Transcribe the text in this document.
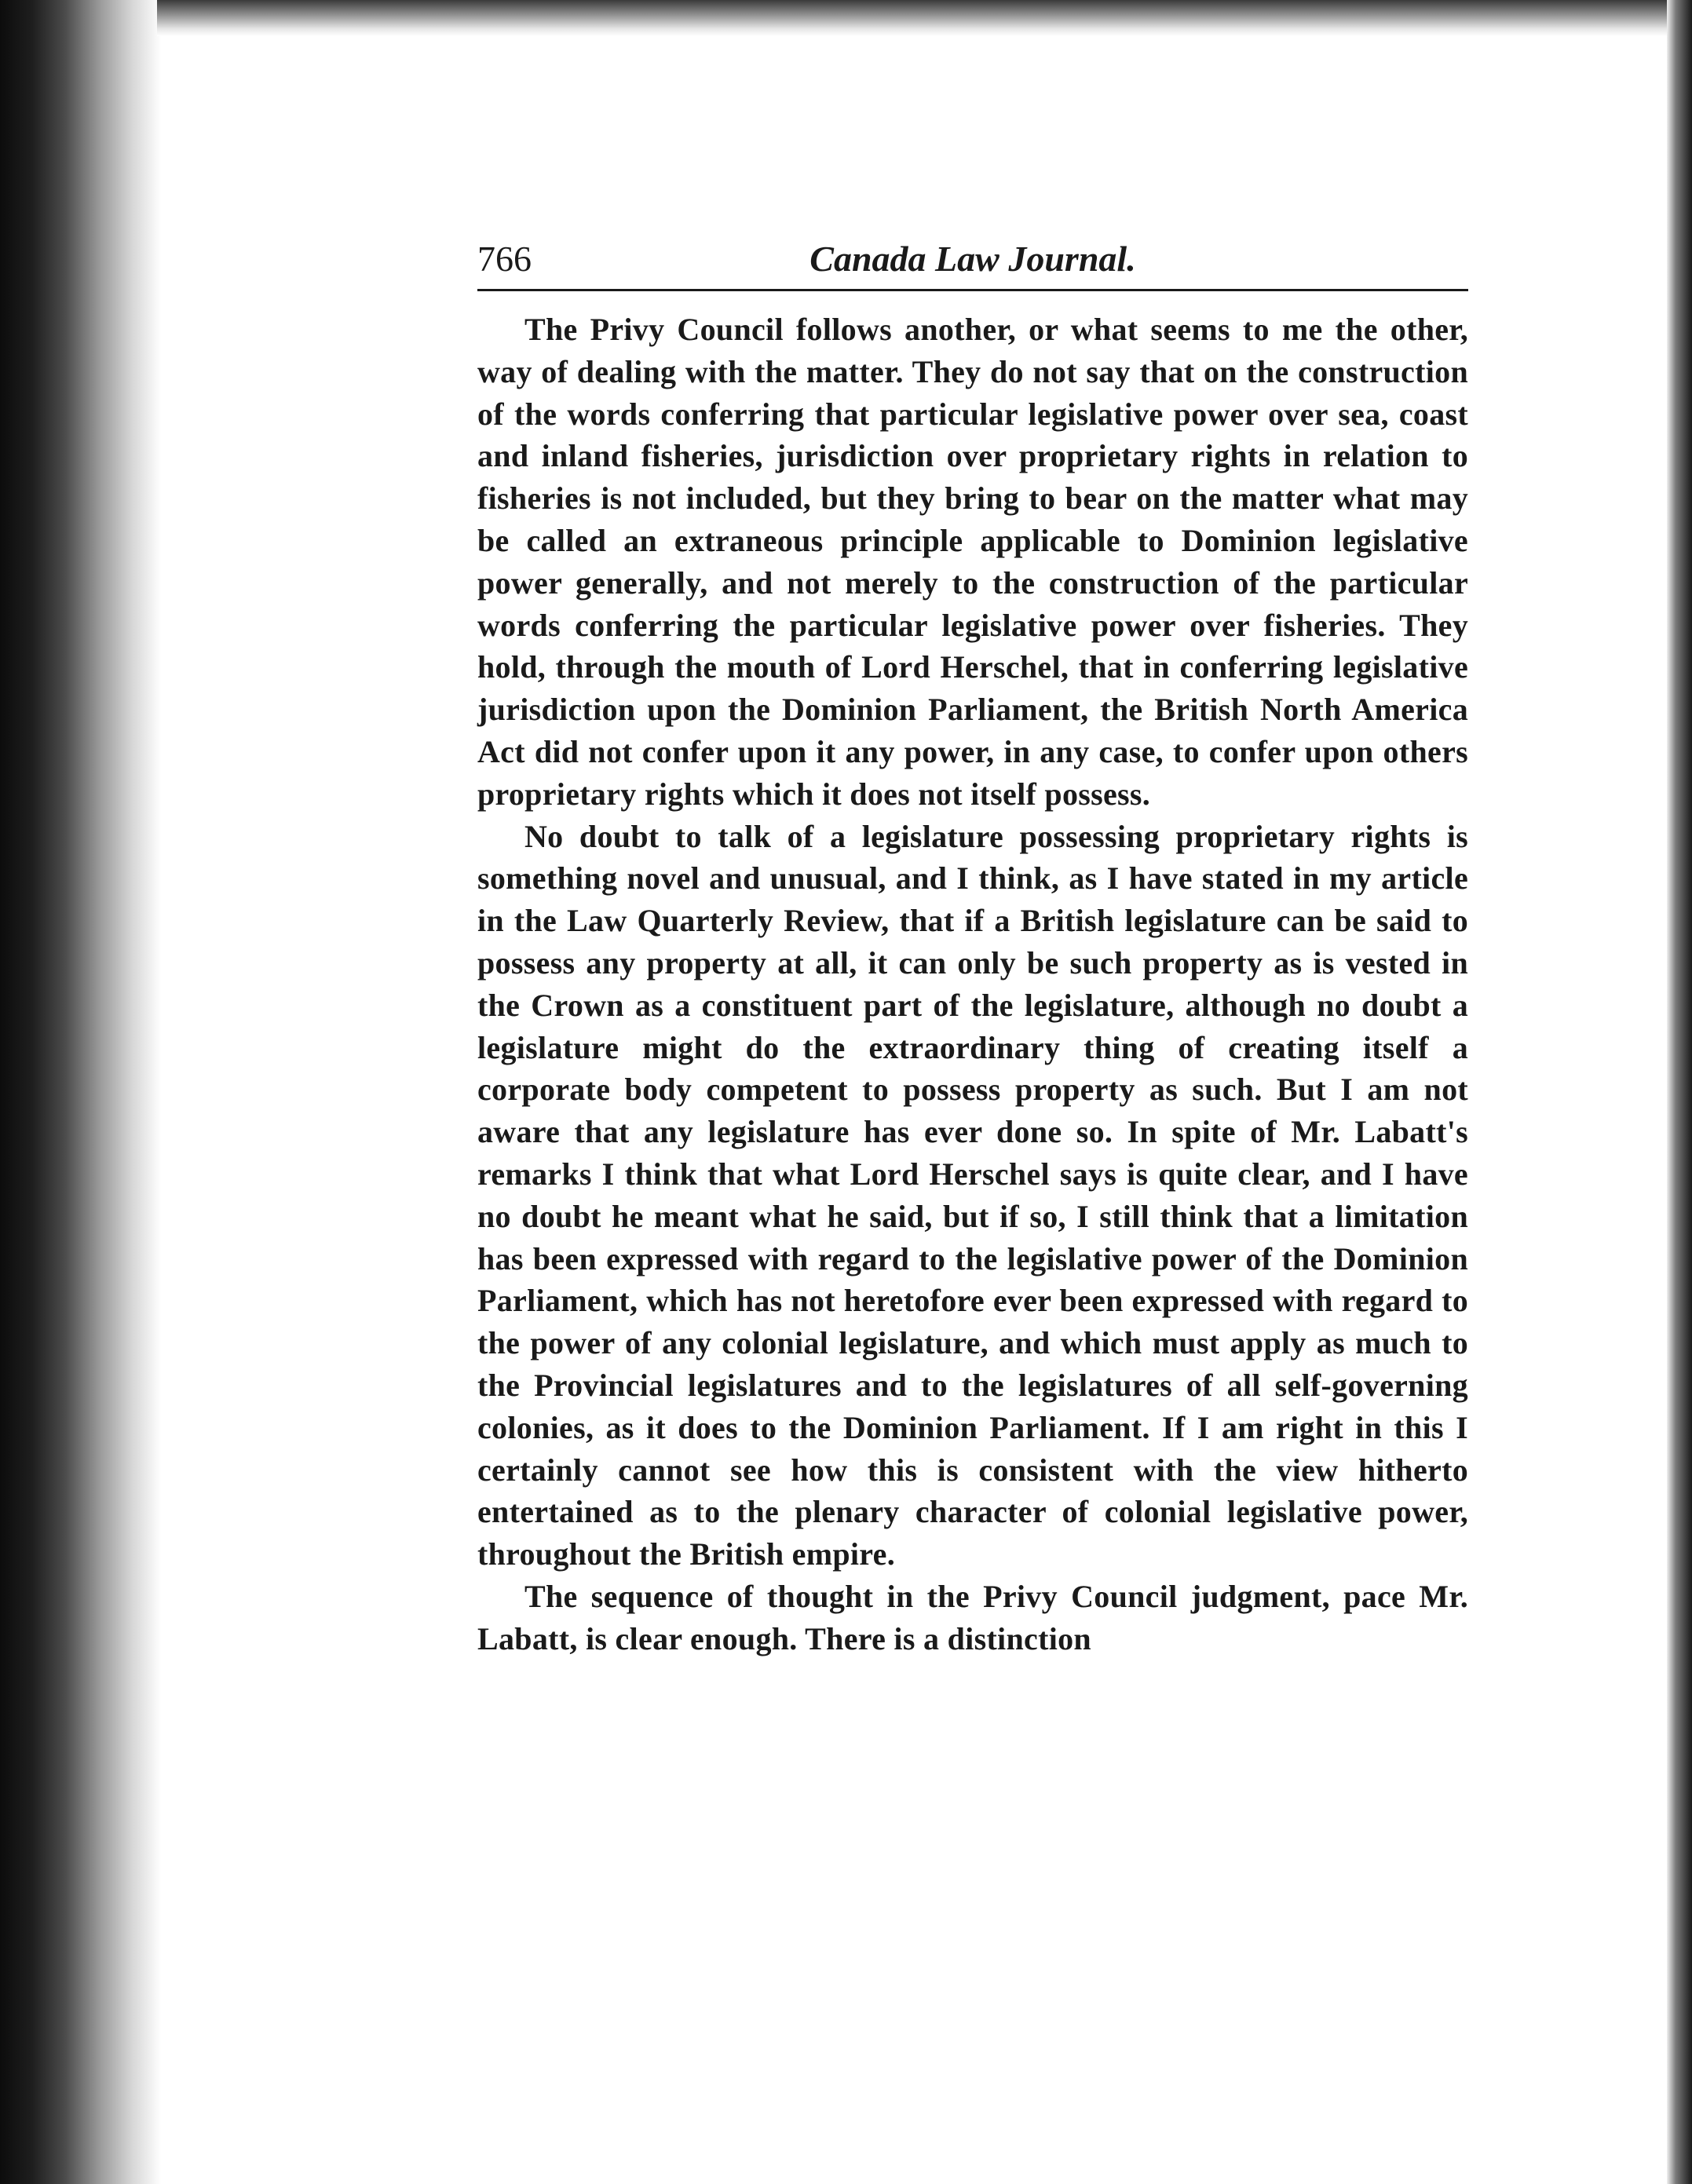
766	Canada Law Journal.

The Privy Council follows another, or what seems to me the other, way of dealing with the matter. They do not say that on the construction of the words conferring that particular legislative power over sea, coast and inland fisheries, jurisdiction over proprietary rights in relation to fisheries is not included, but they bring to bear on the matter what may be called an extraneous principle applicable to Dominion legislative power generally, and not merely to the construction of the particular words conferring the particular legislative power over fisheries. They hold, through the mouth of Lord Herschel, that in conferring legislative jurisdiction upon the Dominion Parliament, the British North America Act did not confer upon it any power, in any case, to confer upon others proprietary rights which it does not itself possess.

No doubt to talk of a legislature possessing proprietary rights is something novel and unusual, and I think, as I have stated in my article in the Law Quarterly Review, that if a British legislature can be said to possess any property at all, it can only be such property as is vested in the Crown as a constituent part of the legislature, although no doubt a legislature might do the extraordinary thing of creating itself a corporate body competent to possess property as such. But I am not aware that any legislature has ever done so. In spite of Mr. Labatt's remarks I think that what Lord Herschel says is quite clear, and I have no doubt he meant what he said, but if so, I still think that a limitation has been expressed with regard to the legislative power of the Dominion Parliament, which has not heretofore ever been expressed with regard to the power of any colonial legislature, and which must apply as much to the Provincial legislatures and to the legislatures of all self-governing colonies, as it does to the Dominion Parliament. If I am right in this I certainly cannot see how this is consistent with the view hitherto entertained as to the plenary character of colonial legislative power, throughout the British empire.

The sequence of thought in the Privy Council judgment, pace Mr. Labatt, is clear enough. There is a distinction
